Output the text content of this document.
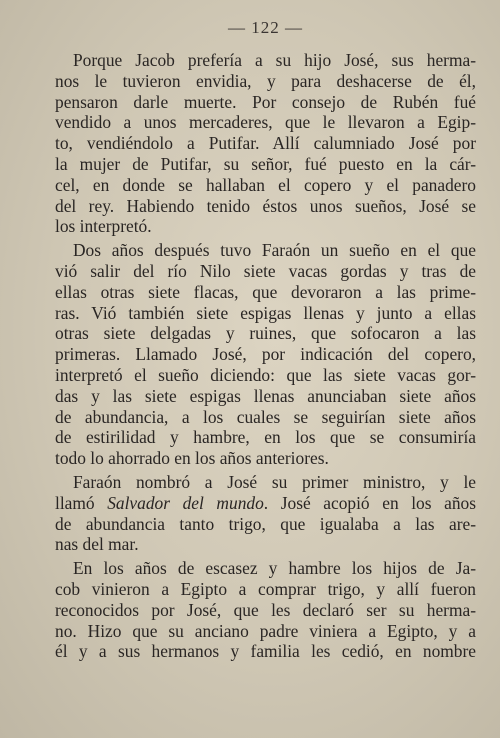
— 122 —

Porque Jacob prefería a su hijo José, sus herma-
nos le tuvieron envidia, y para deshacerse de él,
pensaron darle muerte. Por consejo de Rubén fué
vendido a unos mercaderes, que le llevaron a Egip-
to, vendiéndolo a Putifar. Allí calumniado José por
la mujer de Putifar, su señor, fué puesto en la cár-
cel, en donde se hallaban el copero y el panadero
del rey. Habiendo tenido éstos unos sueños, José se
los interpretó.

Dos años después tuvo Faraón un sueño en el que
vió salir del río Nilo siete vacas gordas y tras de
ellas otras siete flacas, que devoraron a las prime-
ras. Vió también siete espigas llenas y junto a ellas
otras siete delgadas y ruines, que sofocaron a las
primeras. Llamado José, por indicación del copero,
interpretó el sueño diciendo: que las siete vacas gor-
das y las siete espigas llenas anunciaban siete años
de abundancia, a los cuales se seguirían siete años
de estirilidad y hambre, en los que se consumiría
todo lo ahorrado en los años anteriores.

Faraón nombró a José su primer ministro, y le
llamó Salvador del mundo. José acopió en los años
de abundancia tanto trigo, que igualaba a las are-
nas del mar.

En los años de escasez y hambre los hijos de Ja-
cob vinieron a Egipto a comprar trigo, y allí fueron
reconocidos por José, que les declaró ser su herma-
no. Hizo que su anciano padre viniera a Egipto, y a
él y a sus hermanos y familia les cedió, en nombre
